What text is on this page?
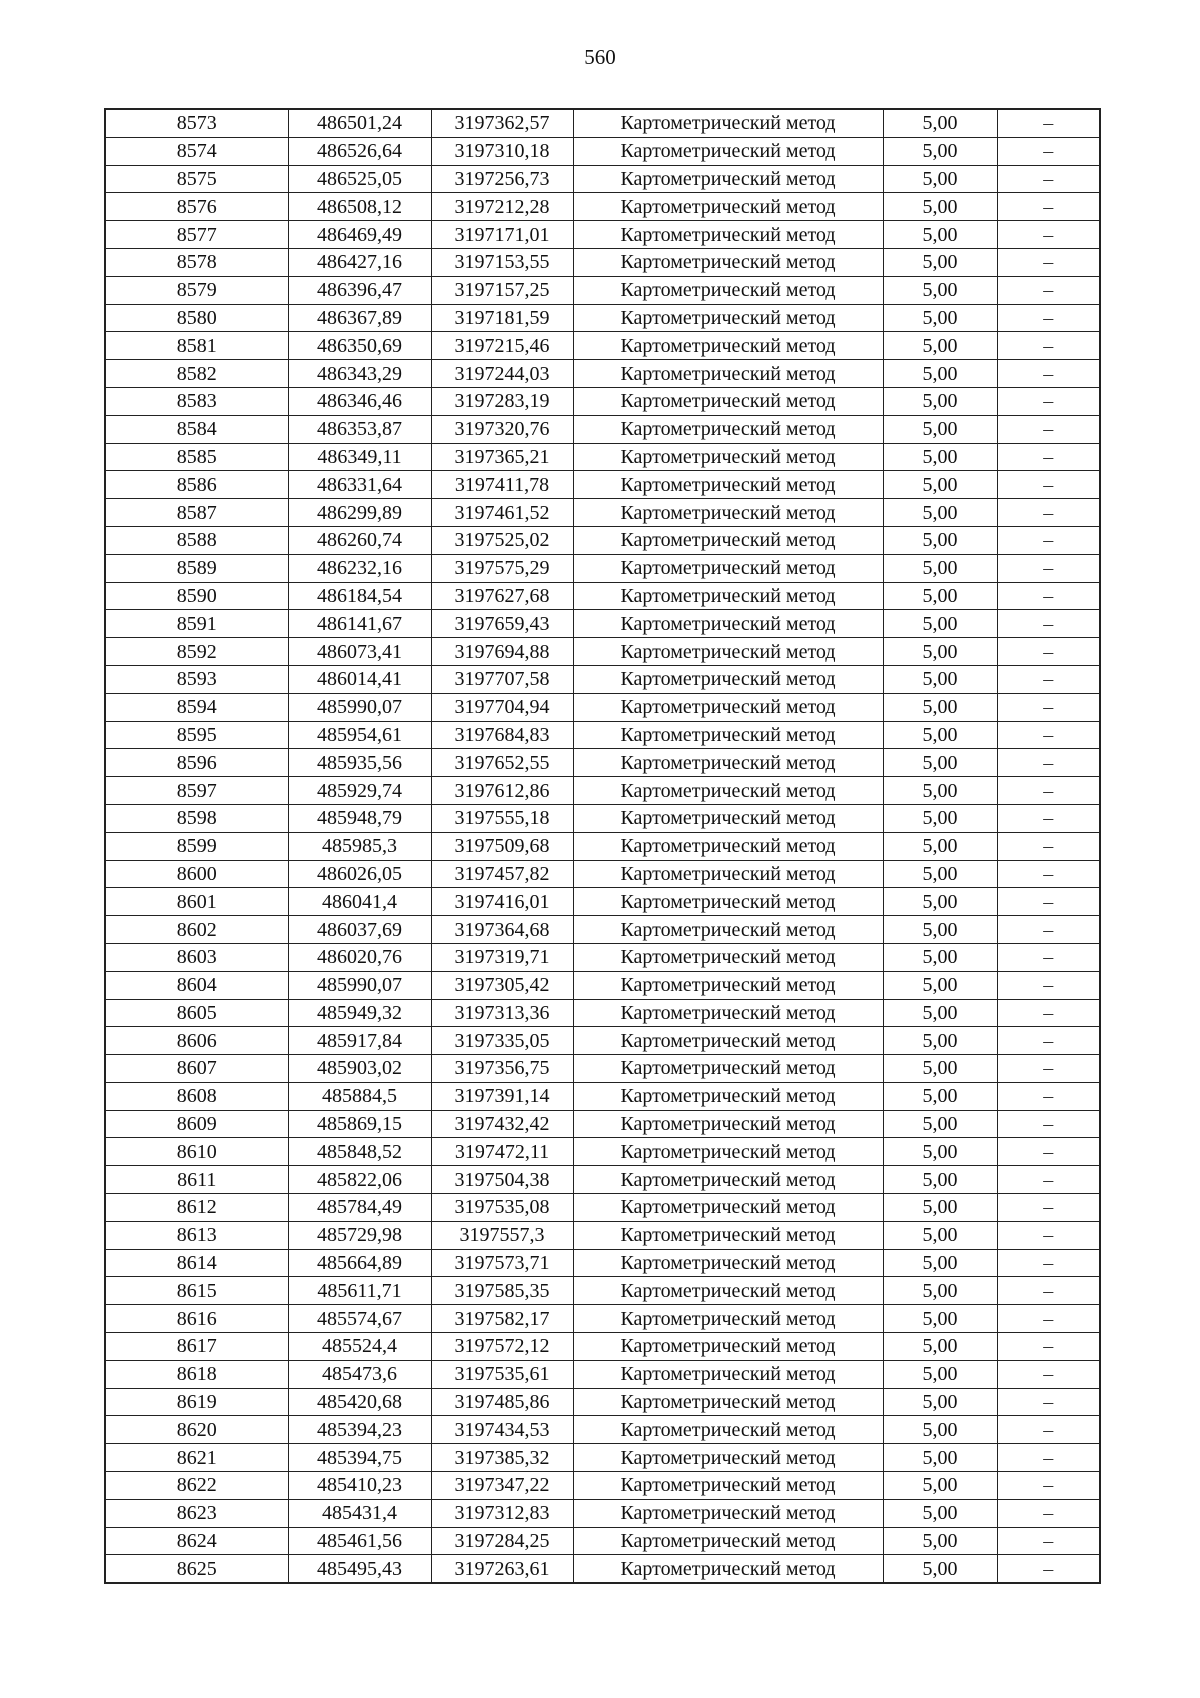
560
8573	486501,24	3197362,57	Картометрический метод	5,00	–
8574	486526,64	3197310,18	Картометрический метод	5,00	–
8575	486525,05	3197256,73	Картометрический метод	5,00	–
8576	486508,12	3197212,28	Картометрический метод	5,00	–
8577	486469,49	3197171,01	Картометрический метод	5,00	–
8578	486427,16	3197153,55	Картометрический метод	5,00	–
8579	486396,47	3197157,25	Картометрический метод	5,00	–
8580	486367,89	3197181,59	Картометрический метод	5,00	–
8581	486350,69	3197215,46	Картометрический метод	5,00	–
8582	486343,29	3197244,03	Картометрический метод	5,00	–
8583	486346,46	3197283,19	Картометрический метод	5,00	–
8584	486353,87	3197320,76	Картометрический метод	5,00	–
8585	486349,11	3197365,21	Картометрический метод	5,00	–
8586	486331,64	3197411,78	Картометрический метод	5,00	–
8587	486299,89	3197461,52	Картометрический метод	5,00	–
8588	486260,74	3197525,02	Картометрический метод	5,00	–
8589	486232,16	3197575,29	Картометрический метод	5,00	–
8590	486184,54	3197627,68	Картометрический метод	5,00	–
8591	486141,67	3197659,43	Картометрический метод	5,00	–
8592	486073,41	3197694,88	Картометрический метод	5,00	–
8593	486014,41	3197707,58	Картометрический метод	5,00	–
8594	485990,07	3197704,94	Картометрический метод	5,00	–
8595	485954,61	3197684,83	Картометрический метод	5,00	–
8596	485935,56	3197652,55	Картометрический метод	5,00	–
8597	485929,74	3197612,86	Картометрический метод	5,00	–
8598	485948,79	3197555,18	Картометрический метод	5,00	–
8599	485985,3	3197509,68	Картометрический метод	5,00	–
8600	486026,05	3197457,82	Картометрический метод	5,00	–
8601	486041,4	3197416,01	Картометрический метод	5,00	–
8602	486037,69	3197364,68	Картометрический метод	5,00	–
8603	486020,76	3197319,71	Картометрический метод	5,00	–
8604	485990,07	3197305,42	Картометрический метод	5,00	–
8605	485949,32	3197313,36	Картометрический метод	5,00	–
8606	485917,84	3197335,05	Картометрический метод	5,00	–
8607	485903,02	3197356,75	Картометрический метод	5,00	–
8608	485884,5	3197391,14	Картометрический метод	5,00	–
8609	485869,15	3197432,42	Картометрический метод	5,00	–
8610	485848,52	3197472,11	Картометрический метод	5,00	–
8611	485822,06	3197504,38	Картометрический метод	5,00	–
8612	485784,49	3197535,08	Картометрический метод	5,00	–
8613	485729,98	3197557,3	Картометрический метод	5,00	–
8614	485664,89	3197573,71	Картометрический метод	5,00	–
8615	485611,71	3197585,35	Картометрический метод	5,00	–
8616	485574,67	3197582,17	Картометрический метод	5,00	–
8617	485524,4	3197572,12	Картометрический метод	5,00	–
8618	485473,6	3197535,61	Картометрический метод	5,00	–
8619	485420,68	3197485,86	Картометрический метод	5,00	–
8620	485394,23	3197434,53	Картометрический метод	5,00	–
8621	485394,75	3197385,32	Картометрический метод	5,00	–
8622	485410,23	3197347,22	Картометрический метод	5,00	–
8623	485431,4	3197312,83	Картометрический метод	5,00	–
8624	485461,56	3197284,25	Картометрический метод	5,00	–
8625	485495,43	3197263,61	Картометрический метод	5,00	–
